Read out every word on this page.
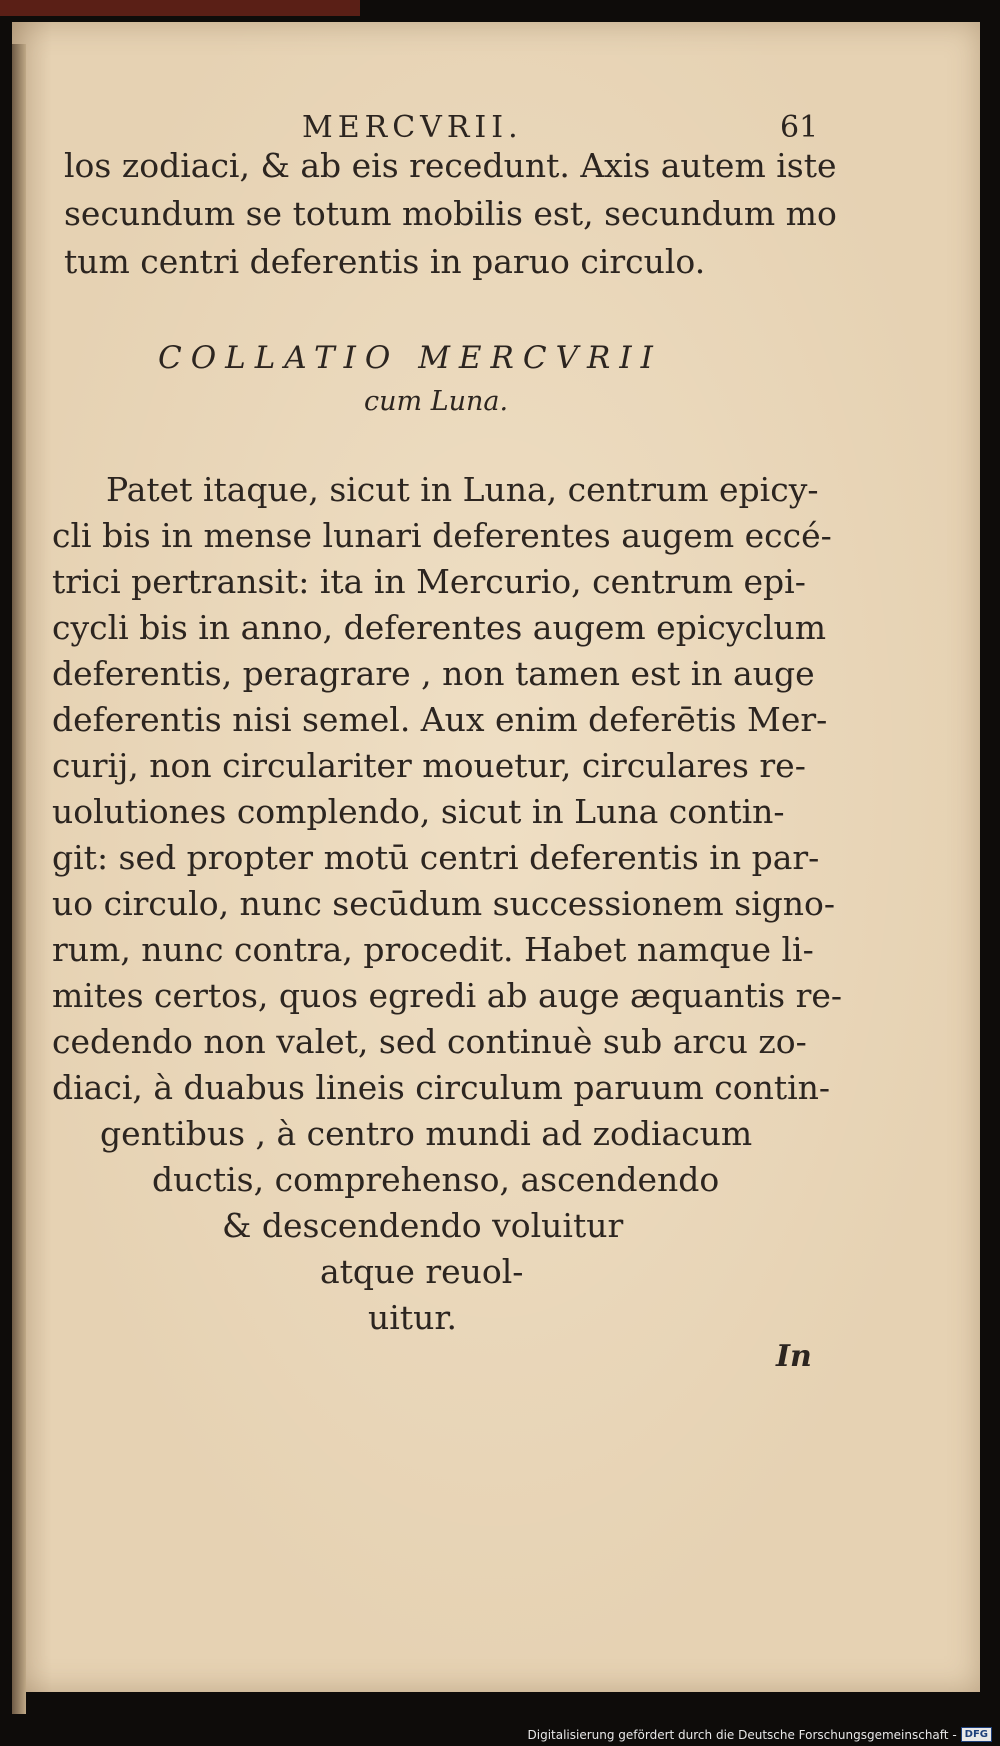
MERCVRII.	61
los zodiaci, & ab eis recedunt. Axis autem iste
secundum se totum mobilis est, secundum mo
tum centri deferentis in paruo circulo.
COLLATIO MERCVRII
cum Luna.
Patet itaque, sicut in Luna, centrum epicy-
cli bis in mense lunari deferentes augem eccé-
trici pertransit: ita in Mercurio, centrum epi-
cycli bis in anno, deferentes augem epicyclum
deferentis, peragrare , non tamen est in auge
deferentis nisi semel. Aux enim deferētis Mer-
curij, non circulariter mouetur, circulares re-
uolutiones complendo, sicut in Luna contin-
git: sed propter motū centri deferentis in par-
uo circulo, nunc secūdum successionem signo-
rum, nunc contra, procedit. Habet namque li-
mites certos, quos egredi ab auge æquantis re-
cedendo non valet, sed continuè sub arcu zo-
diaci, à duabus lineis circulum paruum contin-
gentibus , à centro mundi ad zodiacum
ductis, comprehenso, ascendendo
& descendendo voluitur
atque reuol-
uitur.
In
Digitalisierung gefördert durch die Deutsche Forschungsgemeinschaft - DFG
